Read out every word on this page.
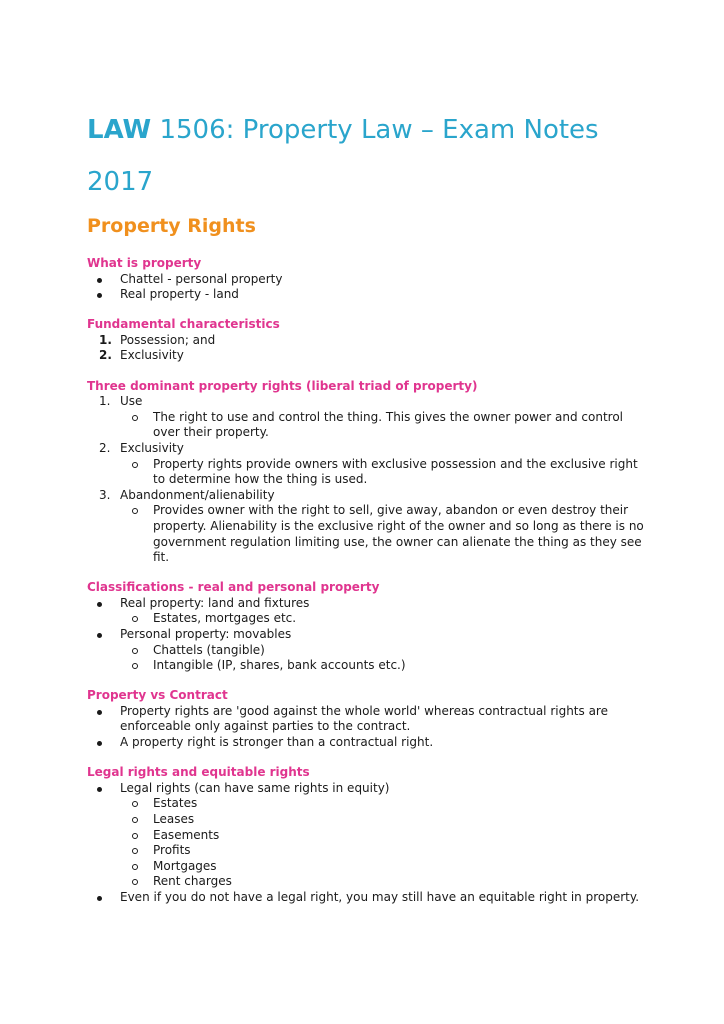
LAW 1506: Property Law – Exam Notes
2017
Property Rights
What is property
Chattel - personal property
Real property - land
Fundamental characteristics
1. Possession; and
2. Exclusivity
Three dominant property rights (liberal triad of property)
1. Use
The right to use and control the thing. This gives the owner power and control over their property.
2. Exclusivity
Property rights provide owners with exclusive possession and the exclusive right to determine how the thing is used.
3. Abandonment/alienability
Provides owner with the right to sell, give away, abandon or even destroy their property. Alienability is the exclusive right of the owner and so long as there is no government regulation limiting use, the owner can alienate the thing as they see fit.
Classifications - real and personal property
Real property: land and fixtures
Estates, mortgages etc.
Personal property: movables
Chattels (tangible)
Intangible (IP, shares, bank accounts etc.)
Property vs Contract
Property rights are 'good against the whole world' whereas contractual rights are enforceable only against parties to the contract.
A property right is stronger than a contractual right.
Legal rights and equitable rights
Legal rights (can have same rights in equity)
Estates
Leases
Easements
Profits
Mortgages
Rent charges
Even if you do not have a legal right, you may still have an equitable right in property.
